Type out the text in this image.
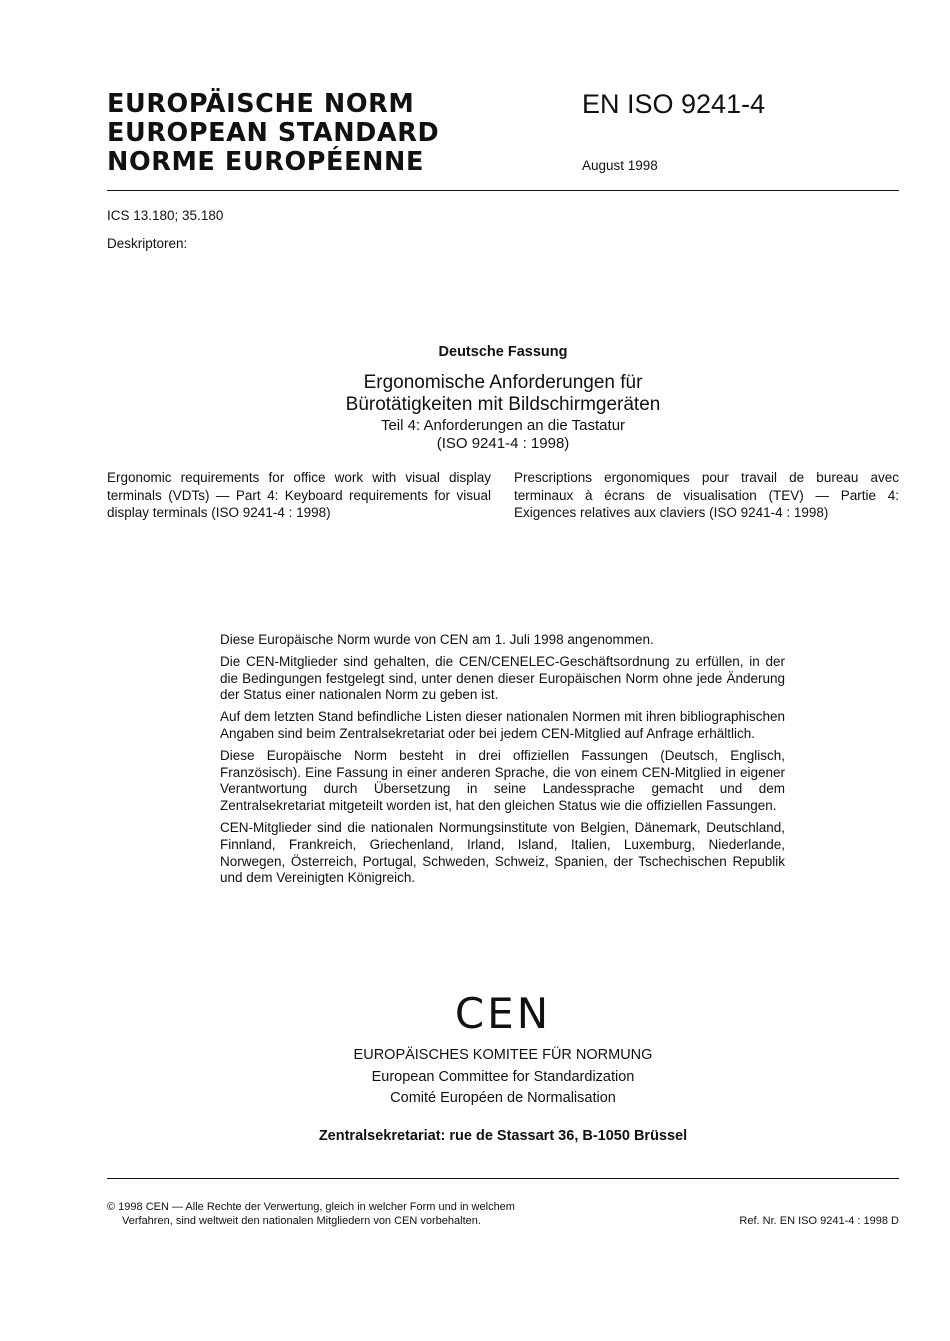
EUROPÄISCHE NORM
EUROPEAN STANDARD
NORME EUROPÉENNE
EN ISO 9241-4
August 1998
ICS 13.180; 35.180
Deskriptoren:
Deutsche Fassung
Ergonomische Anforderungen für
Bürotätigkeiten mit Bildschirmgeräten
Teil 4: Anforderungen an die Tastatur
(ISO 9241-4 : 1998)
Ergonomic requirements for office work with visual display terminals (VDTs) — Part 4: Keyboard requirements for visual display terminals (ISO 9241-4 : 1998)
Prescriptions ergonomiques pour travail de bureau avec terminaux à écrans de visualisation (TEV) — Partie 4: Exigences relatives aux claviers (ISO 9241-4 : 1998)

Diese Europäische Norm wurde von CEN am 1. Juli 1998 angenommen.

Die CEN-Mitglieder sind gehalten, die CEN/CENELEC-Geschäftsordnung zu erfüllen, in der die Bedingungen festgelegt sind, unter denen dieser Europäischen Norm ohne jede Änderung der Status einer nationalen Norm zu geben ist.

Auf dem letzten Stand befindliche Listen dieser nationalen Normen mit ihren bibliographischen Angaben sind beim Zentralsekretariat oder bei jedem CEN-Mitglied auf Anfrage erhältlich.

Diese Europäische Norm besteht in drei offiziellen Fassungen (Deutsch, Englisch, Französisch). Eine Fassung in einer anderen Sprache, die von einem CEN-Mitglied in eigener Verantwortung durch Übersetzung in seine Landessprache gemacht und dem Zentralsekretariat mitgeteilt worden ist, hat den gleichen Status wie die offiziellen Fassungen.

CEN-Mitglieder sind die nationalen Normungsinstitute von Belgien, Dänemark, Deutschland, Finnland, Frankreich, Griechenland, Irland, Island, Italien, Luxemburg, Niederlande, Norwegen, Österreich, Portugal, Schweden, Schweiz, Spanien, der Tschechischen Republik und dem Vereinigten Königreich.

CEN
EUROPÄISCHES KOMITEE FÜR NORMUNG
European Committee for Standardization
Comité Européen de Normalisation
Zentralsekretariat: rue de Stassart 36, B-1050 Brüssel
© 1998 CEN — Alle Rechte der Verwertung, gleich in welcher Form und in welchem
Verfahren, sind weltweit den nationalen Mitgliedern von CEN vorbehalten.	Ref. Nr. EN ISO 9241-4 : 1998 D
